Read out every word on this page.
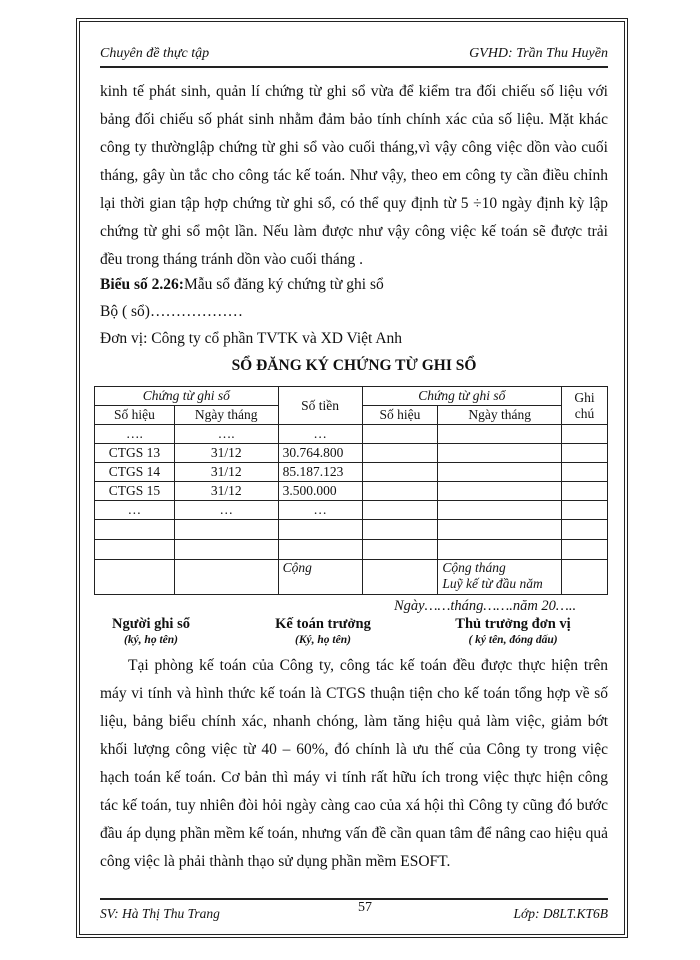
Chuyên đề thực tập	GVHD: Trần Thu Huyền
kinh tế phát sinh, quản lí chứng từ ghi sổ vừa để kiểm tra đối chiếu số liệu với bảng đối chiếu số phát sinh nhằm đảm bảo tính chính xác của số liệu. Mặt khác công ty thườnglập chứng từ ghi sổ vào cuối tháng,vì vậy công việc dồn vào cuối tháng, gây ùn tắc cho công tác kế toán. Như vậy, theo em công ty cần điều chỉnh lại thời gian tập hợp chứng từ ghi sổ, có thể quy định từ 5 ÷10 ngày định kỳ lập chứng từ ghi sổ một lần. Nếu làm được như vậy công việc kế toán sẽ được trải đều trong tháng tránh dồn vào cuối tháng .
Biểu số 2.26:Mẫu sổ đăng ký chứng từ ghi sổ
Bộ ( sổ)………………
Đơn vị: Công ty cổ phần TVTK và XD Việt Anh
SỔ ĐĂNG KÝ CHỨNG TỪ GHI SỔ
Chứng từ ghi sổ		Số tiền	Chứng từ ghi sổ		Ghi chú
Số hiệu	Ngày tháng		Số hiệu	Ngày tháng	
….	….	…			
CTGS 13	31/12	30.764.800			
CTGS 14	31/12	85.187.123			
CTGS 15	31/12	3.500.000			
…	…	…			

		Cộng		Cộng tháng
Luỹ kế từ đầu năm	

Ngày……tháng…….năm 20…..
Người ghi sổ
(ký, họ tên)
Kế toán trưởng
(Ký, họ tên)
Thủ trưởng đơn vị
( ký tên, đóng dấu)
Tại phòng kế toán của Công ty, công tác kế toán đều được thực hiện trên máy vi tính và hình thức kế toán là CTGS thuận tiện cho kế toán tổng hợp về số liệu, bảng biểu chính xác, nhanh chóng, làm tăng hiệu quả làm việc, giảm bớt khối lượng công việc từ 40 – 60%, đó chính là ưu thế của Công ty trong việc hạch toán kế toán. Cơ bản thì máy vi tính rất hữu ích trong việc thực hiện công tác kế toán, tuy nhiên đòi hỏi ngày càng cao của xá hội thì Công ty cũng đó bước đầu áp dụng phần mềm kế toán, nhưng vấn đề cần quan tâm để nâng cao hiệu quả công việc là phải thành thạo sử dụng phần mềm ESOFT.
SV: Hà Thị Thu Trang	57	Lớp: D8LT.KT6B
